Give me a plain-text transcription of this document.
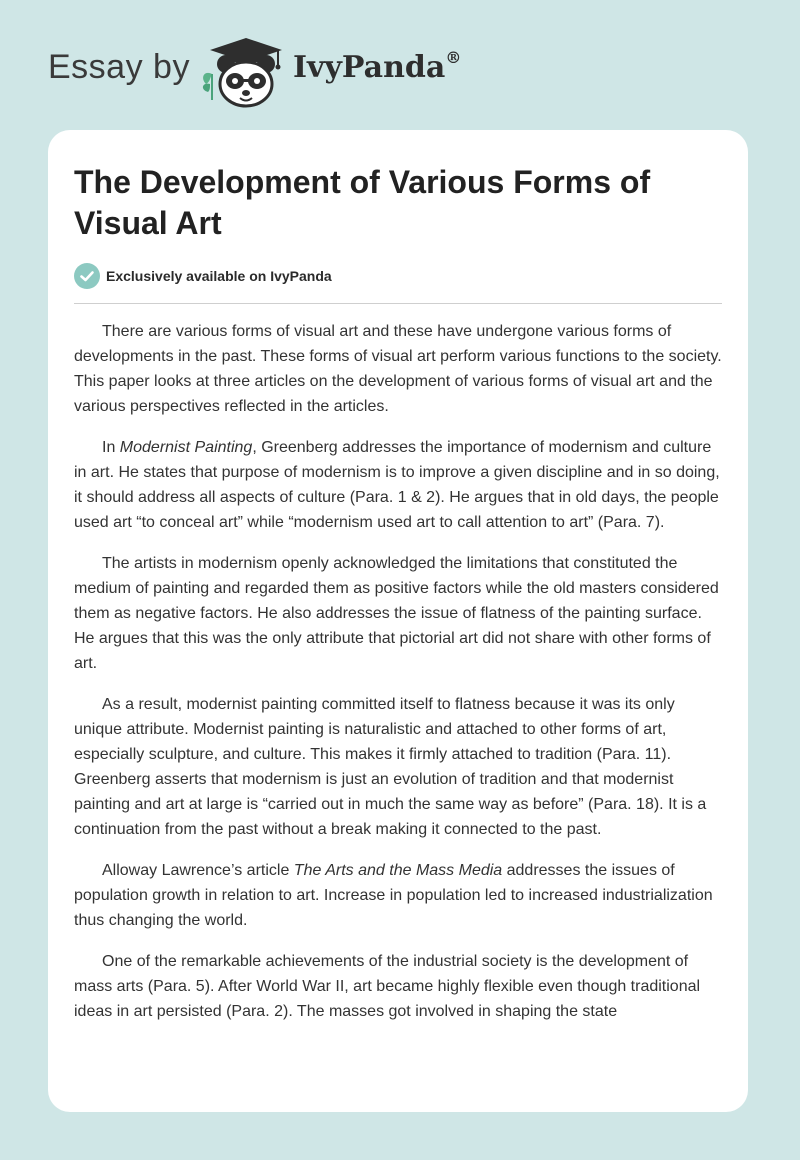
Essay by	IvyPanda®
The Development of Various Forms of Visual Art
Exclusively available on IvyPanda

There are various forms of visual art and these have undergone various forms of developments in the past. These forms of visual art perform various functions to the society. This paper looks at three articles on the development of various forms of visual art and the various perspectives reflected in the articles.

In Modernist Painting, Greenberg addresses the importance of modernism and culture in art. He states that purpose of modernism is to improve a given discipline and in so doing, it should address all aspects of culture (Para. 1 & 2). He argues that in old days, the people used art “to conceal art” while “modernism used art to call attention to art” (Para. 7).

The artists in modernism openly acknowledged the limitations that constituted the medium of painting and regarded them as positive factors while the old masters considered them as negative factors. He also addresses the issue of flatness of the painting surface. He argues that this was the only attribute that pictorial art did not share with other forms of art.

As a result, modernist painting committed itself to flatness because it was its only unique attribute. Modernist painting is naturalistic and attached to other forms of art, especially sculpture, and culture. This makes it firmly attached to tradition (Para. 11). Greenberg asserts that modernism is just an evolution of tradition and that modernist painting and art at large is “carried out in much the same way as before” (Para. 18). It is a continuation from the past without a break making it connected to the past.

Alloway Lawrence’s article The Arts and the Mass Media addresses the issues of population growth in relation to art. Increase in population led to increased industrialization thus changing the world.

One of the remarkable achievements of the industrial society is the development of mass arts (Para. 5). After World War II, art became highly flexible even though traditional ideas in art persisted (Para. 2). The masses got involved in shaping the state
